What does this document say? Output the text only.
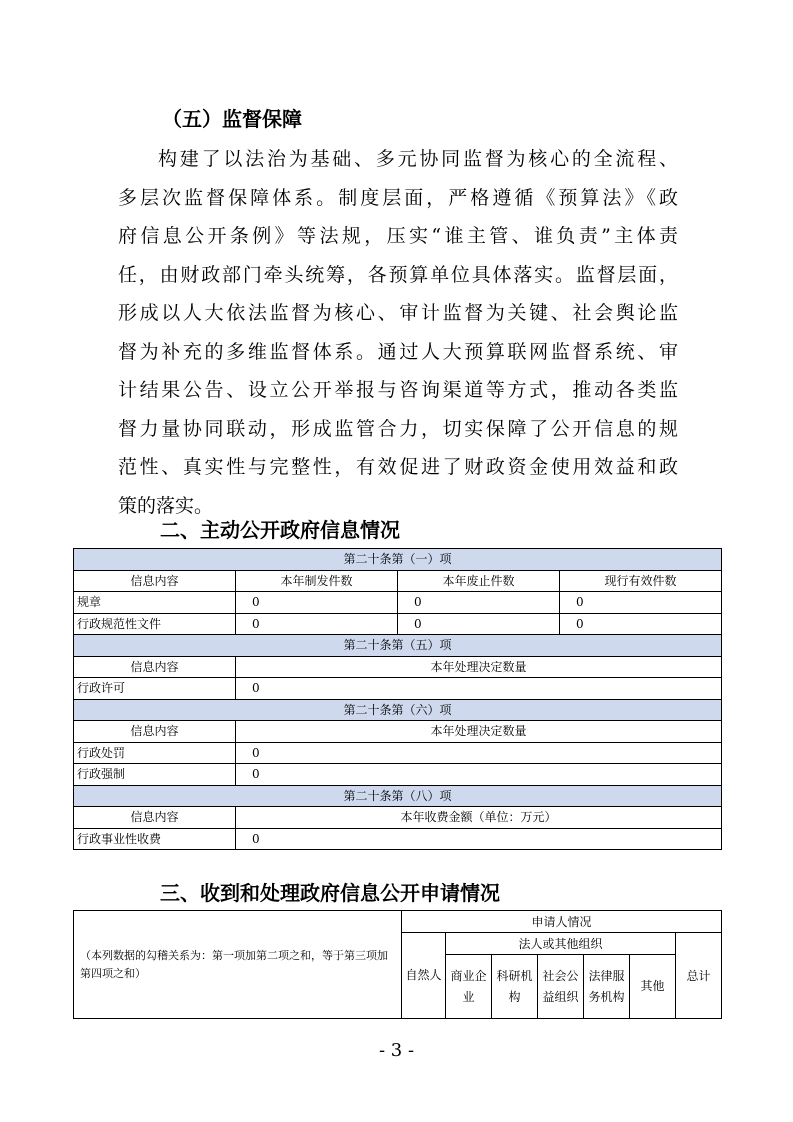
（五）监督保障
构建了以法治为基础、多元协同监督为核心的全流程、
多层次监督保障体系。制度层面，严格遵循《预算法》《政
府信息公开条例》等法规，压实“谁主管、谁负责”主体责
任，由财政部门牵头统筹，各预算单位具体落实。监督层面，
形成以人大依法监督为核心、审计监督为关键、社会舆论监
督为补充的多维监督体系。通过人大预算联网监督系统、审
计结果公告、设立公开举报与咨询渠道等方式，推动各类监
督力量协同联动，形成监管合力，切实保障了公开信息的规
范性、真实性与完整性，有效促进了财政资金使用效益和政
策的落实。
二、主动公开政府信息情况
第二十条第（一）项			
信息内容	本年制发件数	本年废止件数	现行有效件数
规章	0	0	0
行政规范性文件	0	0	0
第二十条第（五）项			
信息内容	本年处理决定数量		
行政许可	0		
第二十条第（六）项			
信息内容	本年处理决定数量		
行政处罚	0		
行政强制	0		
第二十条第（八）项			
信息内容	本年收费金额（单位：万元）		
行政事业性收费	0		
三、收到和处理政府信息公开申请情况
（本列数据的勾稽关系为：第一项加第二项之和，等于第三项加第四项之和）	申请人情况						
	自然人	法人或其他组织					总计
		商业企业	科研机构	社会公益组织	法律服务机构	其他	
- 3 -
